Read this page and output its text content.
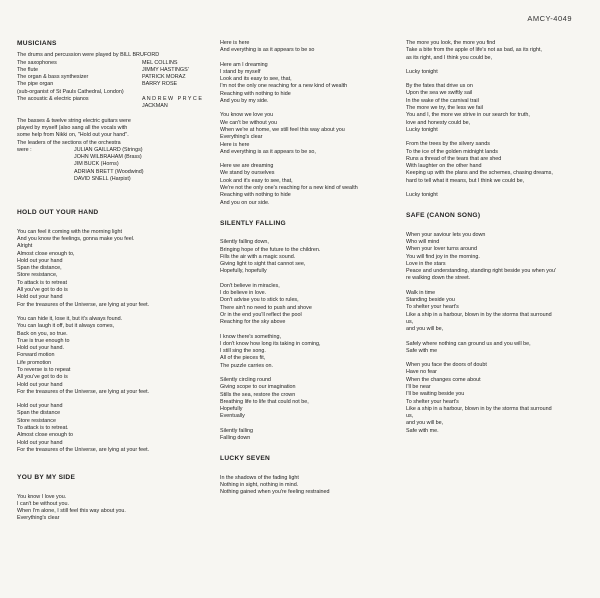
AMCY-4049
MUSICIANS
The drums and percussion were played by BILL BRUFORD
The saxophones	MEL COLLINS
The flute	JIMMY HASTINGS'
The organ & bass synthesizer	PATRICK MORAZ
The pipe organ	BARRY ROSE
(sub-organist of St Pauls Cathedral, London)
The acoustic & electric pianos	A N D R E W   P R Y C E
JACKMAN
The basses & twelve string electric guitars were
played by myself (also sang all the vocals with
some help from Nikki on, "Hold out your hand".
The leaders of the sections of the orchestra
were :	JULIAN GAILLARD (Strings)
JOHN WILBRAHAM (Brass)
JIM BUCK (Horns)
ADRIAN BRETT (Woodwind)
DAVID SNELL (Harpist)
HOLD OUT YOUR HAND
You can feel it coming with the morning light
And you know the feelings, gonna make you feel.
Alright
Almost close enough to,
Hold out your hand
Span the distance,
Store resistance,
To attack is to retreat
All you've got to do is
Hold out your hand
For the treasures of the Universe, are lying at your feet.
You can hide it, lose it, but it's always found.
You can laugh it off, but it always comes,
Back on you, so true.
True is true enough to
Hold out your hand.
Forward motion
Life promotion
To reverse is to repeat
All you've got to do is
Hold out your hand
For the treasures of the Universe, are lying at your feet.
Hold out your hand
Span the distance
Store resistance
To attack is to retreat.
Almost close enough to
Hold out your hand
For the treasures of the Universe, are lying at your feet.
YOU BY MY SIDE
You know I love you.
I can't be without you.
When I'm alone, I still feel this way about you.
Everything's clear
Here is here
And everything is as it appears to be so
Here am I dreaming
I stand by myself
Look and its easy to see, that,
I'm not the only one reaching for a new kind of wealth
Reaching with nothing to hide
And you by my side.
You know we love you
We can't be without you
When we're at home, we still feel this way about you
Everything's clear
Here is here
And everything is as it appears to be so,
Here we are dreaming
We stand by ourselves
Look and it's easy to see, that,
We're not the only one's reaching for a new kind of wealth
Reaching with nothing to hide
And you on our side.
SILENTLY FALLING
Silently falling down,
Bringing hope of the future to the children.
Fills the air with a magic sound.
Giving light to sight that cannot see,
Hopefully, hopefully
Don't believe in miracles,
I do believe in love.
Don't advise you to stick to rules,
There ain't no need to push and shove
Or in the end you'll reflect the pool
Reaching for the sky above
I know there's something,
I don't know how long its taking in coming,
I still sing the song.
All of the pieces fit,
The puzzle carries on.
Silently circling round
Giving scope to our imagination
Stills the sea, restore the crown
Breathing life to life that could not be,
Hopefully
Eventually
Silently falling
Falling down
LUCKY SEVEN
In the shadows of the fading light
Nothing in sight, nothing in mind.
Nothing gained when you're feeling restrained
The more you look, the more you find
Take a bite from the apple of life's not as bad, as its right,
as its right, and I think you could be,
Lucky tonight
By the fates that drive us on
Upon the sea we swiftly sail
In the wake of the carnival trail
The more we try, the less we fail
You and I, the more we strive in our search for truth,
love and honesty could be,
Lucky tonight
From the trees by the silvery sands
To the ice of the golden midnight lands
Runs a thread of the tears that are shed
With laughter on the other hand
Keeping up with the plans and the schemes, chasing dreams,
hard to tell what it means, but I think we could be,
Lucky tonight
SAFE (CANON SONG)
When your saviour lets you down
Who will mind
When your lover turns around
You will find joy in the morning.
Love in the stars
Peace and understanding, standing right beside you when you'
re walking down the street.
Walk in time
Standing beside you
To shelter your heart's
Like a ship in a harbour, blown in by the storms that surround
us,
and you will be,
Safely where nothing can ground us and you will be,
Safe with me
When you face the doors of doubt
Have no fear
When the changes come about
I'll be near
I'll be waiting beside you
To shelter your heart's
Like a ship in a harbour, blown in by the storms that surround
us,
and you will be,
Safe with me.
